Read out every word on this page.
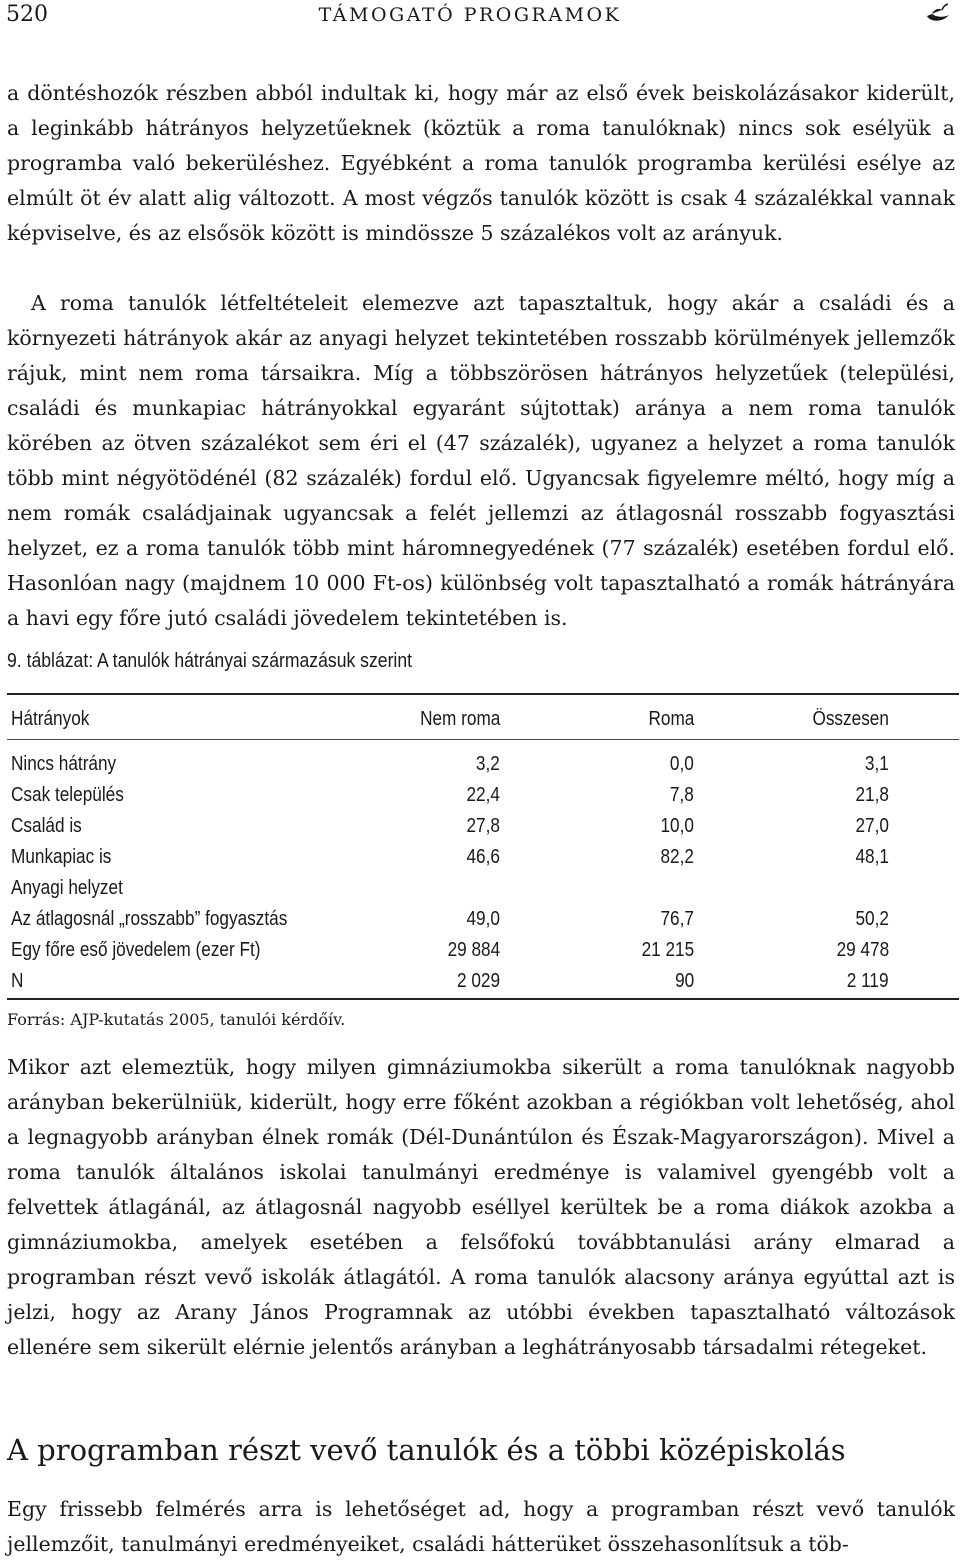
520	TÁMOGATÓ PROGRAMOK

a döntéshozók részben abból indultak ki, hogy már az első évek beiskolázásakor kiderült, a leginkább hátrányos helyzetűeknek (köztük a roma tanulóknak) nincs sok esélyük a programba való bekerüléshez. Egyébként a roma tanulók programba kerülési esélye az elmúlt öt év alatt alig változott. A most végzős tanulók között is csak 4 százalékkal vannak képviselve, és az elsősök között is mindössze 5 százalékos volt az arányuk.

A roma tanulók létfeltételeit elemezve azt tapasztaltuk, hogy akár a családi és a környezeti hátrányok akár az anyagi helyzet tekintetében rosszabb körülmények jellemzők rájuk, mint nem roma társaikra. Míg a többszörösen hátrányos helyzetűek (települési, családi és munkapiac hátrányokkal egyaránt sújtottak) aránya a nem roma tanulók körében az ötven százalékot sem éri el (47 százalék), ugyanez a helyzet a roma tanulók több mint négyötödénél (82 százalék) fordul elő. Ugyancsak figyelemre méltó, hogy míg a nem romák családjainak ugyancsak a felét jellemzi az átlagosnál rosszabb fogyasztási helyzet, ez a roma tanulók több mint háromnegyedének (77 százalék) esetében fordul elő. Hasonlóan nagy (majdnem 10 000 Ft-os) különbség volt tapasztalható a romák hátrányára a havi egy főre jutó családi jövedelem tekintetében is.

9. táblázat: A tanulók hátrányai származásuk szerint
Hátrányok	Nem roma	Roma	Összesen
Nincs hátrány	3,2	0,0	3,1
Csak település	22,4	7,8	21,8
Család is	27,8	10,0	27,0
Munkapiac is	46,6	82,2	48,1
Anyagi helyzet
Az átlagosnál „rosszabb” fogyasztás	49,0	76,7	50,2
Egy főre eső jövedelem (ezer Ft)	29 884	21 215	29 478
N	2 029	90	2 119
Forrás: AJP-kutatás 2005, tanulói kérdőív.

Mikor azt elemeztük, hogy milyen gimnáziumokba sikerült a roma tanulóknak nagyobb arányban bekerülniük, kiderült, hogy erre főként azokban a régiókban volt lehetőség, ahol a legnagyobb arányban élnek romák (Dél-Dunántúlon és Észak-Magyarországon). Mivel a roma tanulók általános iskolai tanulmányi eredménye is valamivel gyengébb volt a felvettek átlagánál, az átlagosnál nagyobb eséllyel kerültek be a roma diákok azokba a gimnáziumokba, amelyek esetében a felsőfokú továbbtanulási arány elmarad a programban részt vevő iskolák átlagától. A roma tanulók alacsony aránya egyúttal azt is jelzi, hogy az Arany János Programnak az utóbbi években tapasztalható változások ellenére sem sikerült elérnie jelentős arányban a leghátrányosabb társadalmi rétegeket.

A programban részt vevő tanulók és a többi középiskolás

Egy frissebb felmérés arra is lehetőséget ad, hogy a programban részt vevő tanulók jellemzőit, tanulmányi eredményeiket, családi hátterüket összehasonlítsuk a töb-
